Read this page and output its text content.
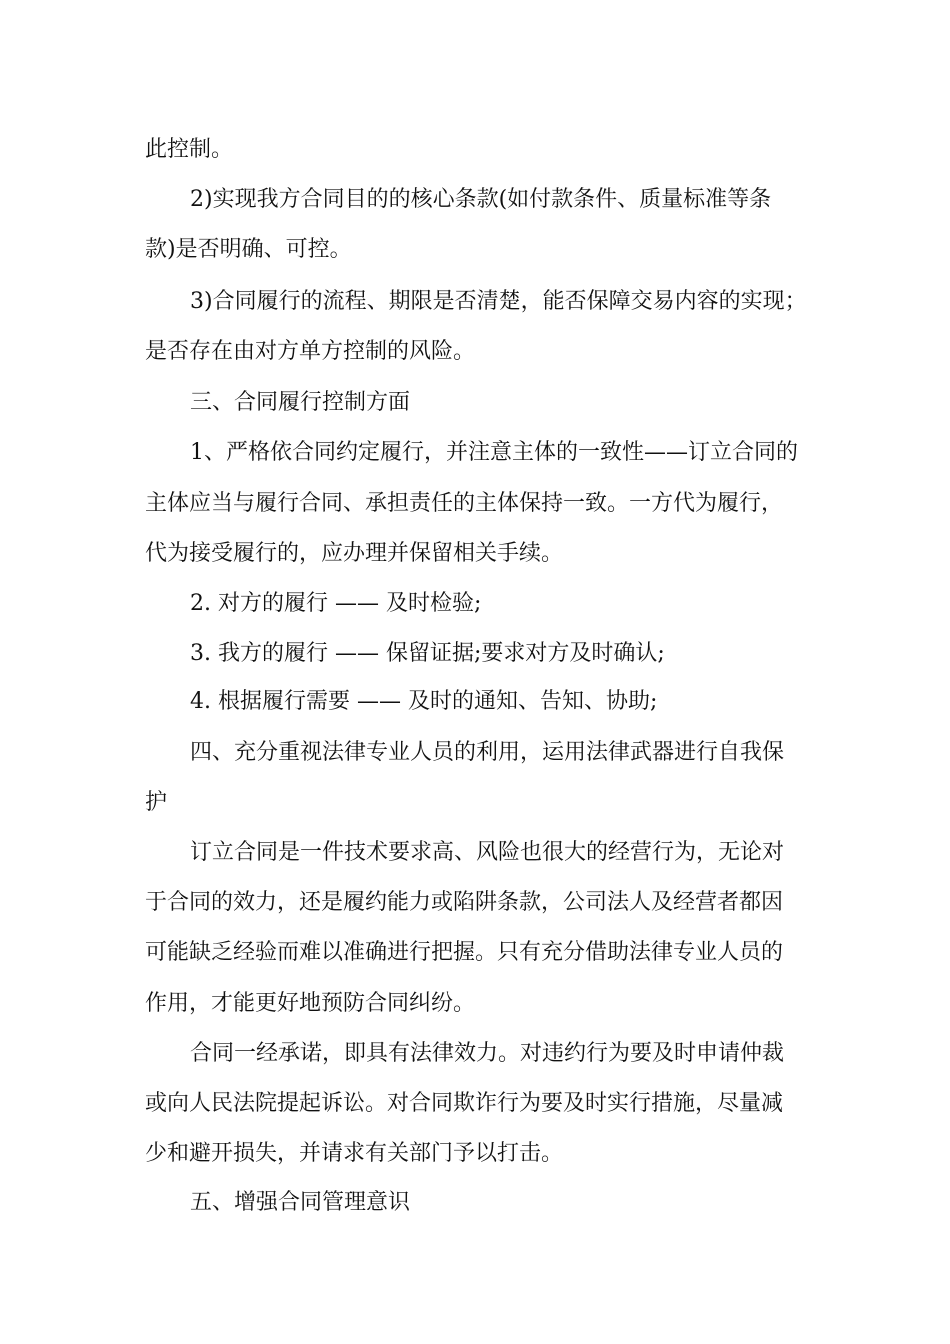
此控制。
2)实现我方合同目的的核心条款(如付款条件、质量标准等条
款)是否明确、可控。
3)合同履行的流程、期限是否清楚，能否保障交易内容的实现；
是否存在由对方单方控制的风险。
三、合同履行控制方面
1、严格依合同约定履行，并注意主体的一致性——订立合同的
主体应当与履行合同、承担责任的主体保持一致。一方代为履行，
代为接受履行的，应办理并保留相关手续。
2. 对方的履行 —— 及时检验;
3. 我方的履行 —— 保留证据;要求对方及时确认;
4. 根据履行需要 —— 及时的通知、告知、协助;
四、充分重视法律专业人员的利用，运用法律武器进行自我保
护
订立合同是一件技术要求高、风险也很大的经营行为，无论对
于合同的效力，还是履约能力或陷阱条款，公司法人及经营者都因
可能缺乏经验而难以准确进行把握。只有充分借助法律专业人员的
作用，才能更好地预防合同纠纷。
合同一经承诺，即具有法律效力。对违约行为要及时申请仲裁
或向人民法院提起诉讼。对合同欺诈行为要及时实行措施，尽量减
少和避开损失，并请求有关部门予以打击。
五、增强合同管理意识
